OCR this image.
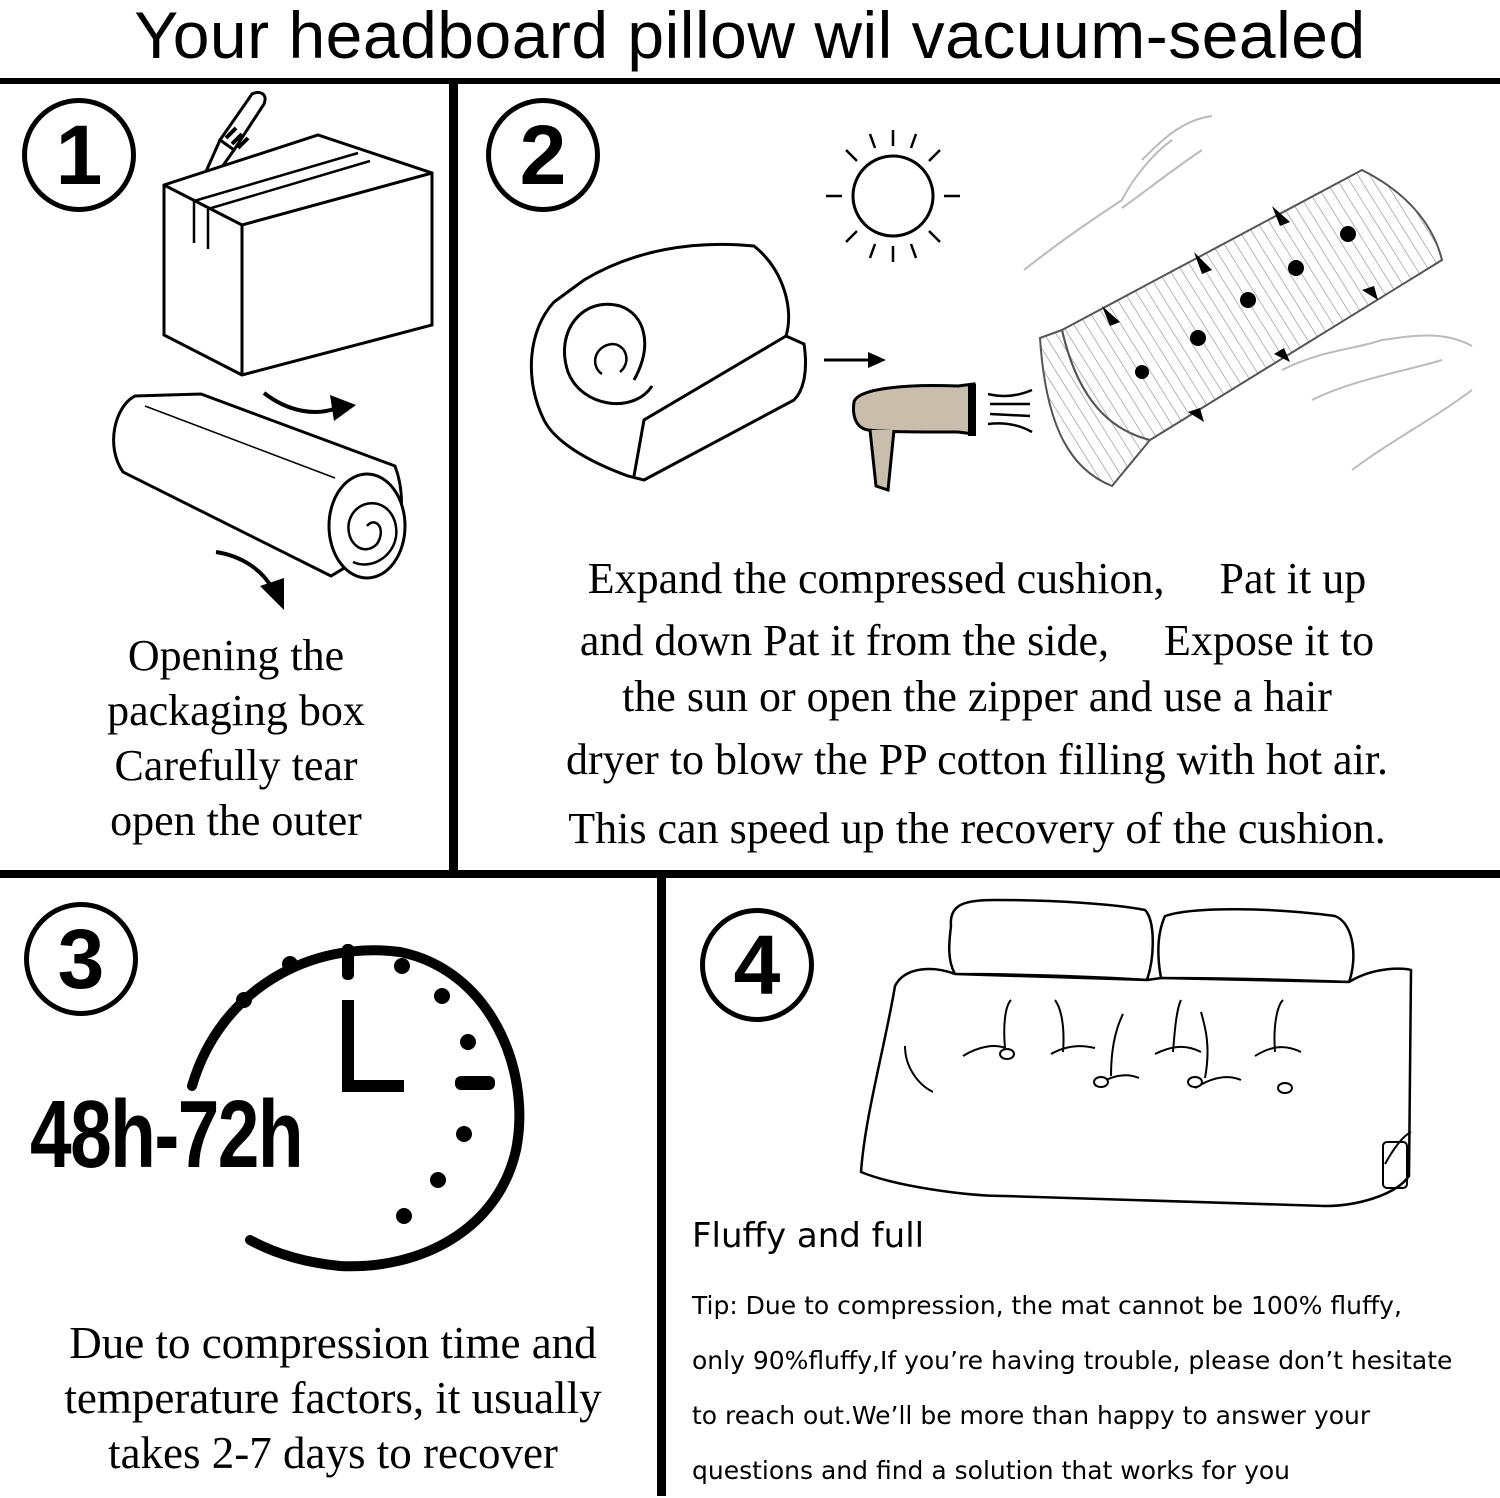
Your headboard pillow wil vacuum-sealed
1
Opening the
packaging box
Carefully tear
open the outer
2
Expand the compressed cushion,　 Pat it up
and down Pat it from the side,　 Expose it to
the sun or open the zipper and use a hair
dryer to blow the PP cotton filling with hot air.
This can speed up the recovery of the cushion.
3
48h-72h
Due to compression time and
temperature factors, it usually
takes 2-7 days to recover
4
Fluffy and full
Tip: Due to compression, the mat cannot be 100% fluffy,
only 90%fluffy,If you’re having trouble, please don’t hesitate
to reach out.We’ll be more than happy to answer your
questions and find a solution that works for you
